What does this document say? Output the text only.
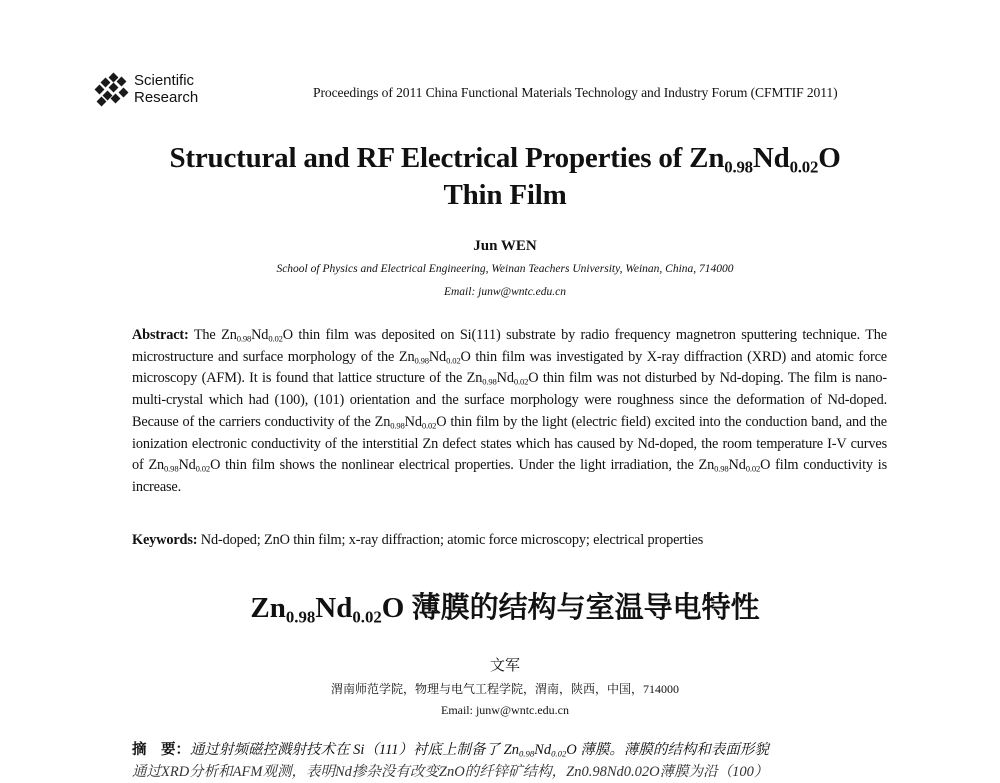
Scientific
Research	Proceedings of 2011 China Functional Materials Technology and Industry Forum (CFMTIF 2011)
Structural and RF Electrical Properties of $Zn_{0.98}Nd_{0.02}O$
Thin Film
Jun WEN
School of Physics and Electrical Engineering, Weinan Teachers University, Weinan, China, 714000
Email: junw@wntc.edu.cn
Abstract: The $Zn_{0.98}Nd_{0.02}O$ thin film was deposited on Si(111) substrate by radio frequency magnetron sputtering technique. The microstructure and surface morphology of the $Zn_{0.98}Nd_{0.02}O$ thin film was investigated by X-ray diffraction (XRD) and atomic force microscopy (AFM). It is found that lattice structure of the $Zn_{0.98}Nd_{0.02}O$ thin film was not disturbed by Nd-doping. The film is nano-multi-crystal which had (100), (101) orientation and the surface morphology were roughness since the deformation of Nd-doped. Because of the carriers conductivity of the $Zn_{0.98}Nd_{0.02}O$ thin film by the light (electric field) excited into the conduction band, and the ionization electronic conductivity of the interstitial Zn defect states which has caused by Nd-doped, the room temperature I-V curves of $Zn_{0.98}Nd_{0.02}O$ thin film shows the nonlinear electrical properties. Under the light irradiation, the $Zn_{0.98}Nd_{0.02}O$ film conductivity is increase.
Keywords: Nd-doped; ZnO thin film; x-ray diffraction; atomic force microscopy; electrical properties
$Zn_{0.98}Nd_{0.02}O$ 薄膜的结构与室温导电特性
文军
渭南师范学院，物理与电气工程学院，渭南，陕西，中国，714000
Email: junw@wntc.edu.cn
摘　要：通过射频磁控溅射技术在 Si（111）衬底上制备了 $Zn_{0.98}Nd_{0.02}O$ 薄膜。薄膜的结构和表面形貌
通过XRD分析和AFM观测，表明Nd掺杂没有改变ZnO的纤锌矿结构，Zn0.98Nd0.02O薄膜为沿（100）
